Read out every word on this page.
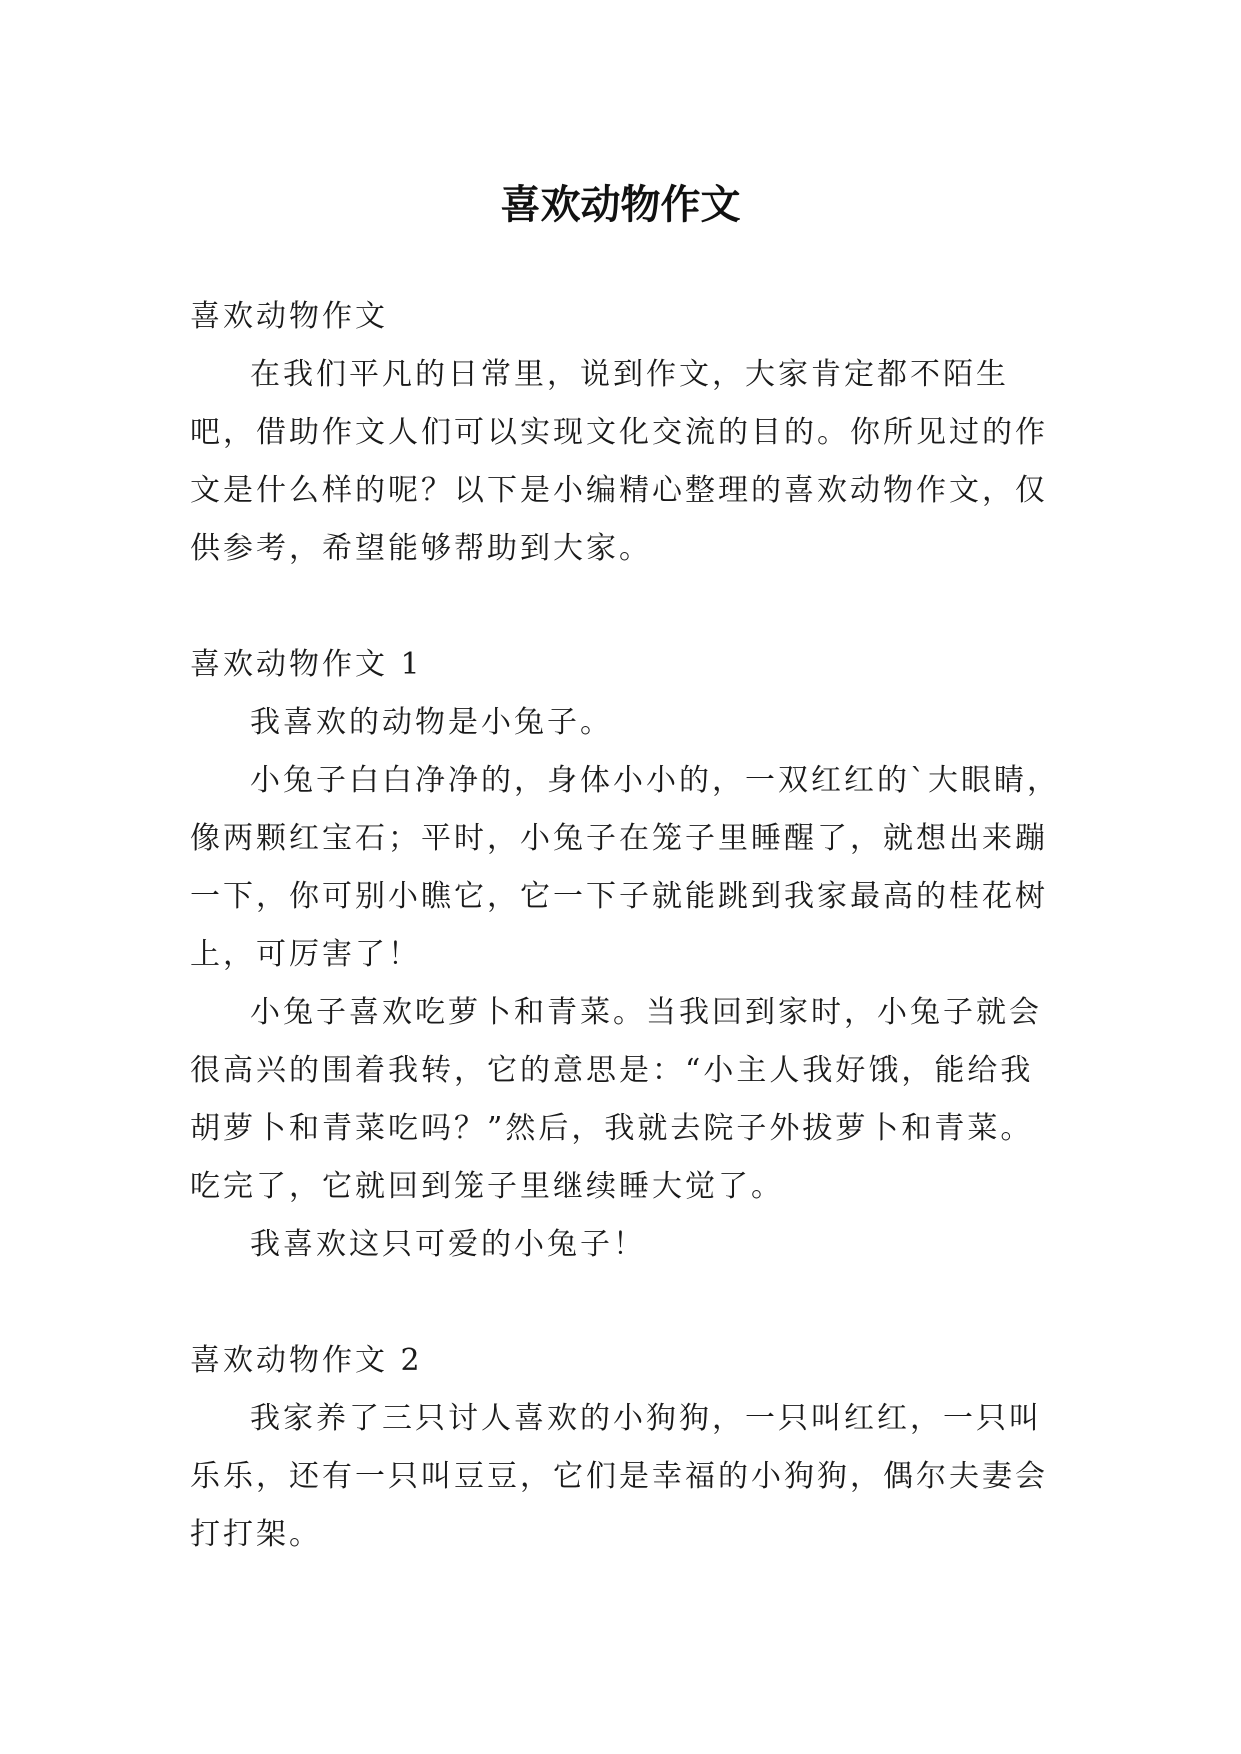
喜欢动物作文

喜欢动物作文

在我们平凡的日常里，说到作文，大家肯定都不陌生吧，借助作文人们可以实现文化交流的目的。你所见过的作文是什么样的呢？以下是小编精心整理的喜欢动物作文，仅供参考，希望能够帮助到大家。

喜欢动物作文 1

我喜欢的动物是小兔子。

小兔子白白净净的，身体小小的，一双红红的`大眼睛，像两颗红宝石；平时，小兔子在笼子里睡醒了，就想出来蹦一下，你可别小瞧它，它一下子就能跳到我家最高的桂花树上，可厉害了！

小兔子喜欢吃萝卜和青菜。当我回到家时，小兔子就会很高兴的围着我转，它的意思是：“小主人我好饿，能给我胡萝卜和青菜吃吗？”然后，我就去院子外拔萝卜和青菜。吃完了，它就回到笼子里继续睡大觉了。

我喜欢这只可爱的小兔子！

喜欢动物作文 2

我家养了三只讨人喜欢的小狗狗，一只叫红红，一只叫乐乐，还有一只叫豆豆，它们是幸福的小狗狗，偶尔夫妻会打打架。
